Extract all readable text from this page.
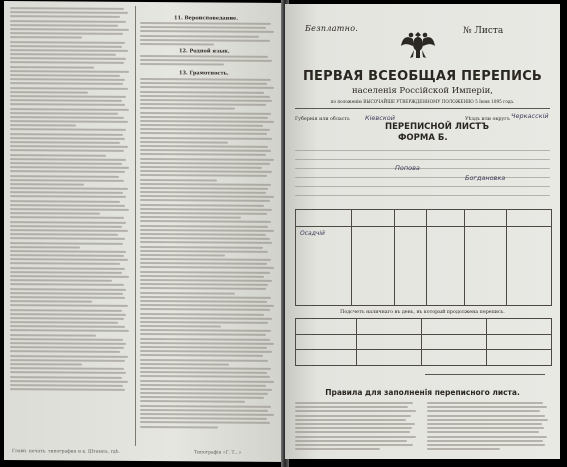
11. Вероисповедание.
12. Родной язык.
13. Грамотность.
Главн. печать. типография и к. Штампъ, гдѣ.	Типографія «Г. Т...»
Безплатно.	№ Листа
ПЕРВАЯ ВСЕОБЩАЯ ПЕРЕПИСЬ
населенія Россійской Имперіи,
по положенію ВЫСОЧАЙШЕ УТВЕРЖДЕННОМУ ПОЛОЖЕНІЮ 5 Іюня 1895 года.
Губернія или область Кіевской
ПЕРЕПИСНОЙ ЛИСТЪ
ФОРМА Б.
Уѣздъ или округъ Черкасскій
Попова
Богдановка
Осадчій
Подсчетъ наличнаго въ день, въ который продолжена перепись.
Правила для заполненія переписного листа.
